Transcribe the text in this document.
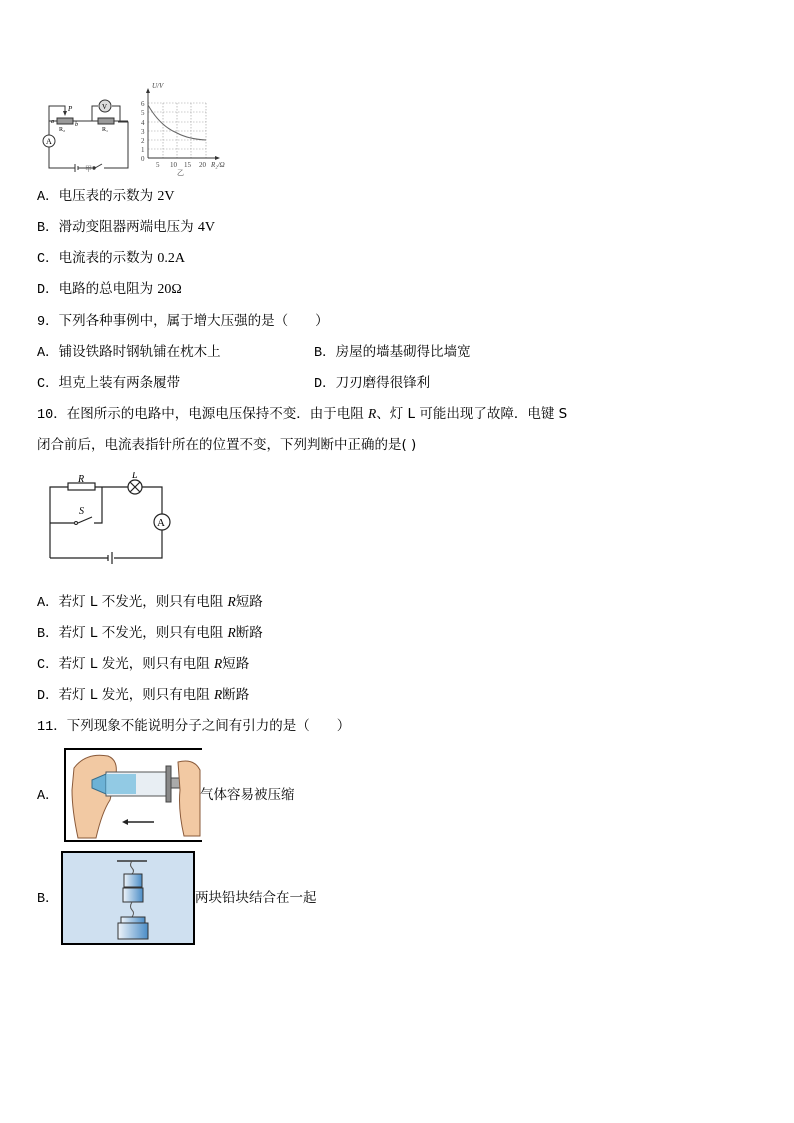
A
V
P
a	b
R₂	R₁
甲
U/V
0
1
2
3
4
5
6
5 10 15 20 R₂/Ω
乙
A．电压表的示数为 2V
B．滑动变阻器两端电压为 4V
C．电流表的示数为 0.2A
D．电路的总电阻为 20Ω
9．下列各种事例中，属于增大压强的是（　　）
A．铺设铁路时钢轨铺在枕木上	B．房屋的墙基砌得比墙宽
C．坦克上装有两条履带	D．刀刃磨得很锋利
10．在图所示的电路中，电源电压保持不变．由于电阻 R、灯 L 可能出现了故障．电键 S
闭合前后，电流表指针所在的位置不变，下列判断中正确的是( )
R	L
S
A
A．若灯 L 不发光，则只有电阻 R短路
B．若灯 L 不发光，则只有电阻 R断路
C．若灯 L 发光，则只有电阻 R短路
D．若灯 L 发光，则只有电阻 R断路
11．下列现象不能说明分子之间有引力的是（　　）
A．	气体容易被压缩
B．	两块铅块结合在一起
